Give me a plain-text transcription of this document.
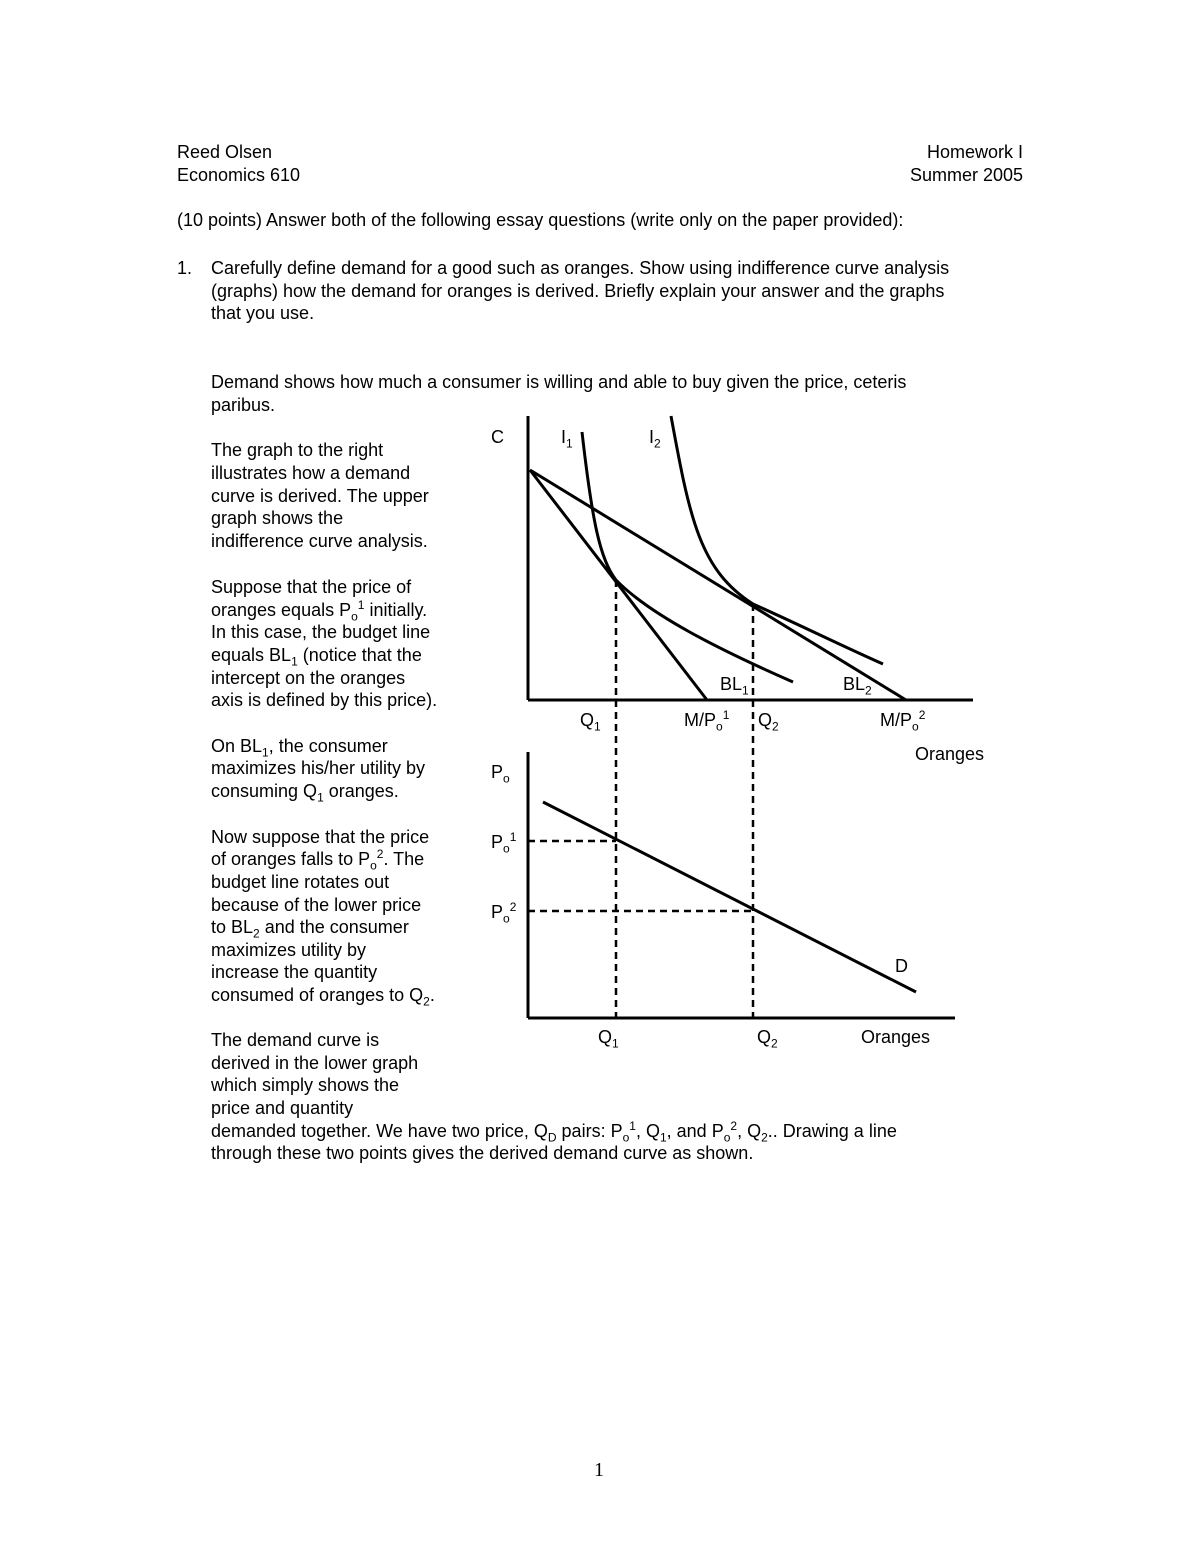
Reed Olsen
Economics 610
Homework I
Summer 2005
(10 points) Answer both of the following essay questions (write only on the paper provided):
1. Carefully define demand for a good such as oranges. Show using indifference curve analysis
(graphs) how the demand for oranges is derived. Briefly explain your answer and the graphs
that you use.
Demand shows how much a consumer is willing and able to buy given the price, ceteris
paribus.
The graph to the right
illustrates how a demand
curve is derived. The upper
graph shows the
indifference curve analysis.
Suppose that the price of
oranges equals $P_o^1$ initially.
In this case, the budget line
equals $BL_1$ (notice that the
intercept on the oranges
axis is defined by this price).
On $BL_1$, the consumer
maximizes his/her utility by
consuming $Q_1$ oranges.
Now suppose that the price
of oranges falls to $P_o^2$. The
budget line rotates out
because of the lower price
to $BL_2$ and the consumer
maximizes utility by
increase the quantity
consumed of oranges to $Q_2$.
The demand curve is
derived in the lower graph
which simply shows the
price and quantity
demanded together. We have two price, $Q_D$ pairs: $P_o^1$, $Q_1$, and $P_o^2$, $Q_2$.. Drawing a line
through these two points gives the derived demand curve as shown.
C	$I_1$	$I_2$
$BL_1$	$BL_2$
$Q_1$	$M/P_o^1$ $Q_2$	$M/P_o^2$
Oranges
$P_o$
$P_o^1$
$P_o^2$
D
$Q_1$	$Q_2$	Oranges
1
